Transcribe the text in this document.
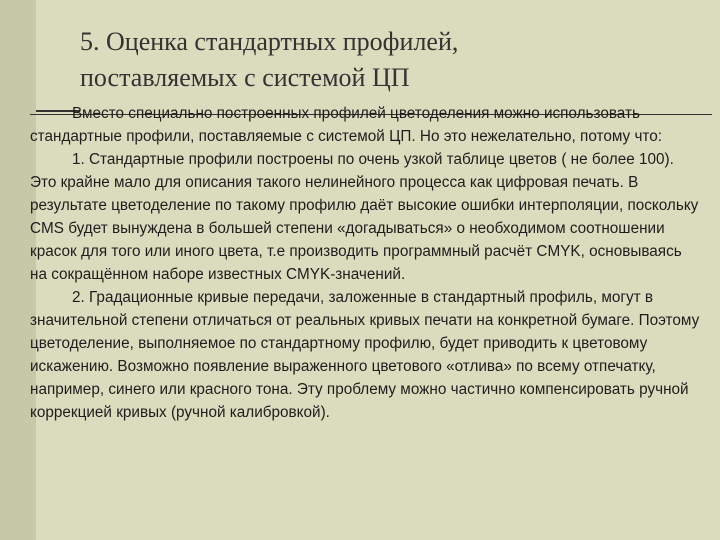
5. Оценка стандартных профилей,
поставляемых с системой ЦП

Вместо специально построенных профилей цветоделения можно использовать стандартные профили, поставляемые с системой ЦП. Но это нежелательно, потому что:

1. Стандартные профили построены по очень узкой таблице цветов ( не более 100). Это крайне мало для описания такого нелинейного процесса как цифровая печать. В результате цветоделение по такому профилю даёт высокие ошибки интерполяции, поскольку CMS будет вынуждена в большей степени «догадываться» о необходимом соотношении красок для того или иного цвета, т.е производить программный расчёт CMYK, основываясь на сокращённом наборе известных CMYK-значений.

2. Градационные кривые передачи, заложенные в стандартный профиль, могут в значительной степени отличаться от реальных кривых печати на конкретной бумаге. Поэтому цветоделение, выполняемое по стандартному профилю, будет приводить к цветовому искажению. Возможно появление выраженного цветового «отлива» по всему отпечатку, например, синего или красного тона. Эту проблему можно частично компенсировать ручной коррекцией кривых (ручной калибровкой).
